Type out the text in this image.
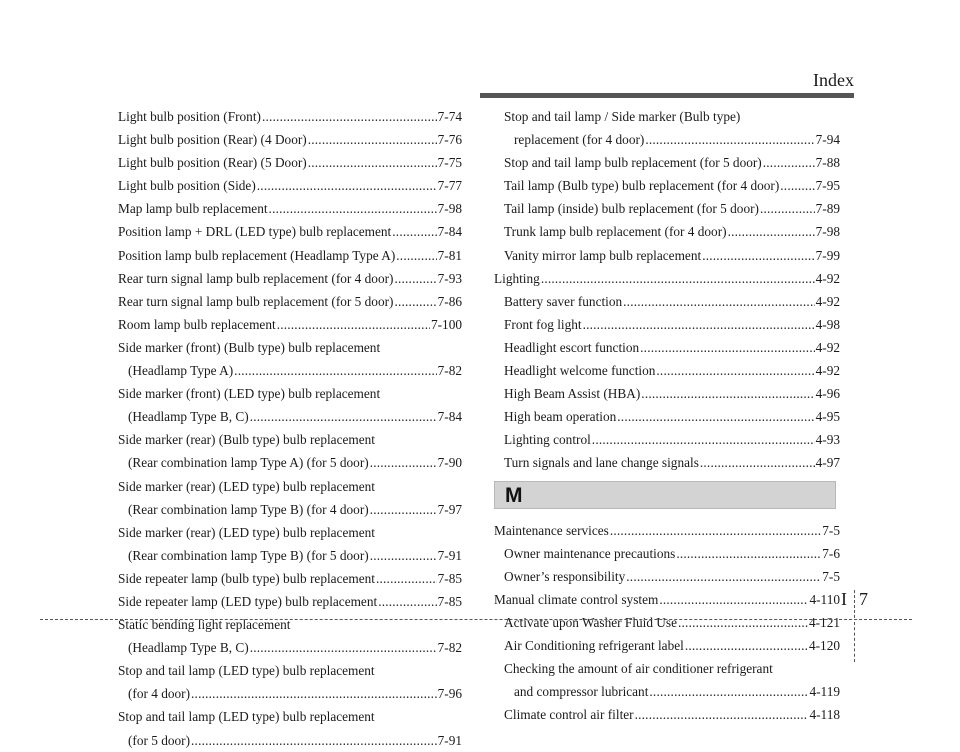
Index
Light bulb position (Front) .....	7-74
Light bulb position (Rear) (4 Door) .....	7-76
Light bulb position (Rear) (5 Door) .....	7-75
Light bulb position (Side) .....	7-77
Map lamp bulb replacement .....	7-98
Position lamp + DRL (LED type) bulb replacement .....	7-84
Position lamp bulb replacement (Headlamp Type A) .....	7-81
Rear turn signal lamp bulb replacement (for 4 door) .....	7-93
Rear turn signal lamp bulb replacement (for 5 door) .....	7-86
Room lamp bulb replacement .....	7-100
Side marker (front) (Bulb type) bulb replacement
(Headlamp Type A) .....	7-82
Side marker (front) (LED type) bulb replacement
(Headlamp Type B, C) .....	7-84
Side marker (rear) (Bulb type) bulb replacement
(Rear combination lamp Type A) (for 5 door) .....	7-90
Side marker (rear) (LED type) bulb replacement
(Rear combination lamp Type B) (for 4 door) .....	7-97
Side marker (rear) (LED type) bulb replacement
(Rear combination lamp Type B) (for 5 door) .....	7-91
Side repeater lamp (bulb type) bulb replacement .....	7-85
Side repeater lamp (LED type) bulb replacement .....	7-85
Static bending light replacement
(Headlamp Type B, C) .....	7-82
Stop and tail lamp (LED type) bulb replacement
(for 4 door) .....	7-96
Stop and tail lamp (LED type) bulb replacement
(for 5 door) .....	7-91
Stop and tail lamp / Side marker (Bulb type)
replacement (for 4 door) .....	7-94
Stop and tail lamp bulb replacement (for 5 door) .....	7-88
Tail lamp (Bulb type) bulb replacement (for 4 door) .....	7-95
Tail lamp (inside) bulb replacement (for 5 door) .....	7-89
Trunk lamp bulb replacement (for 4 door) .....	7-98
Vanity mirror lamp bulb replacement .....	7-99
Lighting .....	4-92
Battery saver function .....	4-92
Front fog light .....	4-98
Headlight escort function .....	4-92
Headlight welcome function .....	4-92
High Beam Assist (HBA) .....	4-96
High beam operation .....	4-95
Lighting control .....	4-93
Turn signals and lane change signals .....	4-97
M
Maintenance services .....	7-5
Owner maintenance precautions .....	7-6
Owner’s responsibility .....	7-5
Manual climate control system .....	4-110
Activate upon Washer Fluid Use .....	4-121
Air Conditioning refrigerant label .....	4-120
Checking the amount of air conditioner refrigerant
and compressor lubricant .....	4-119
Climate control air filter .....	4-118
I 7
